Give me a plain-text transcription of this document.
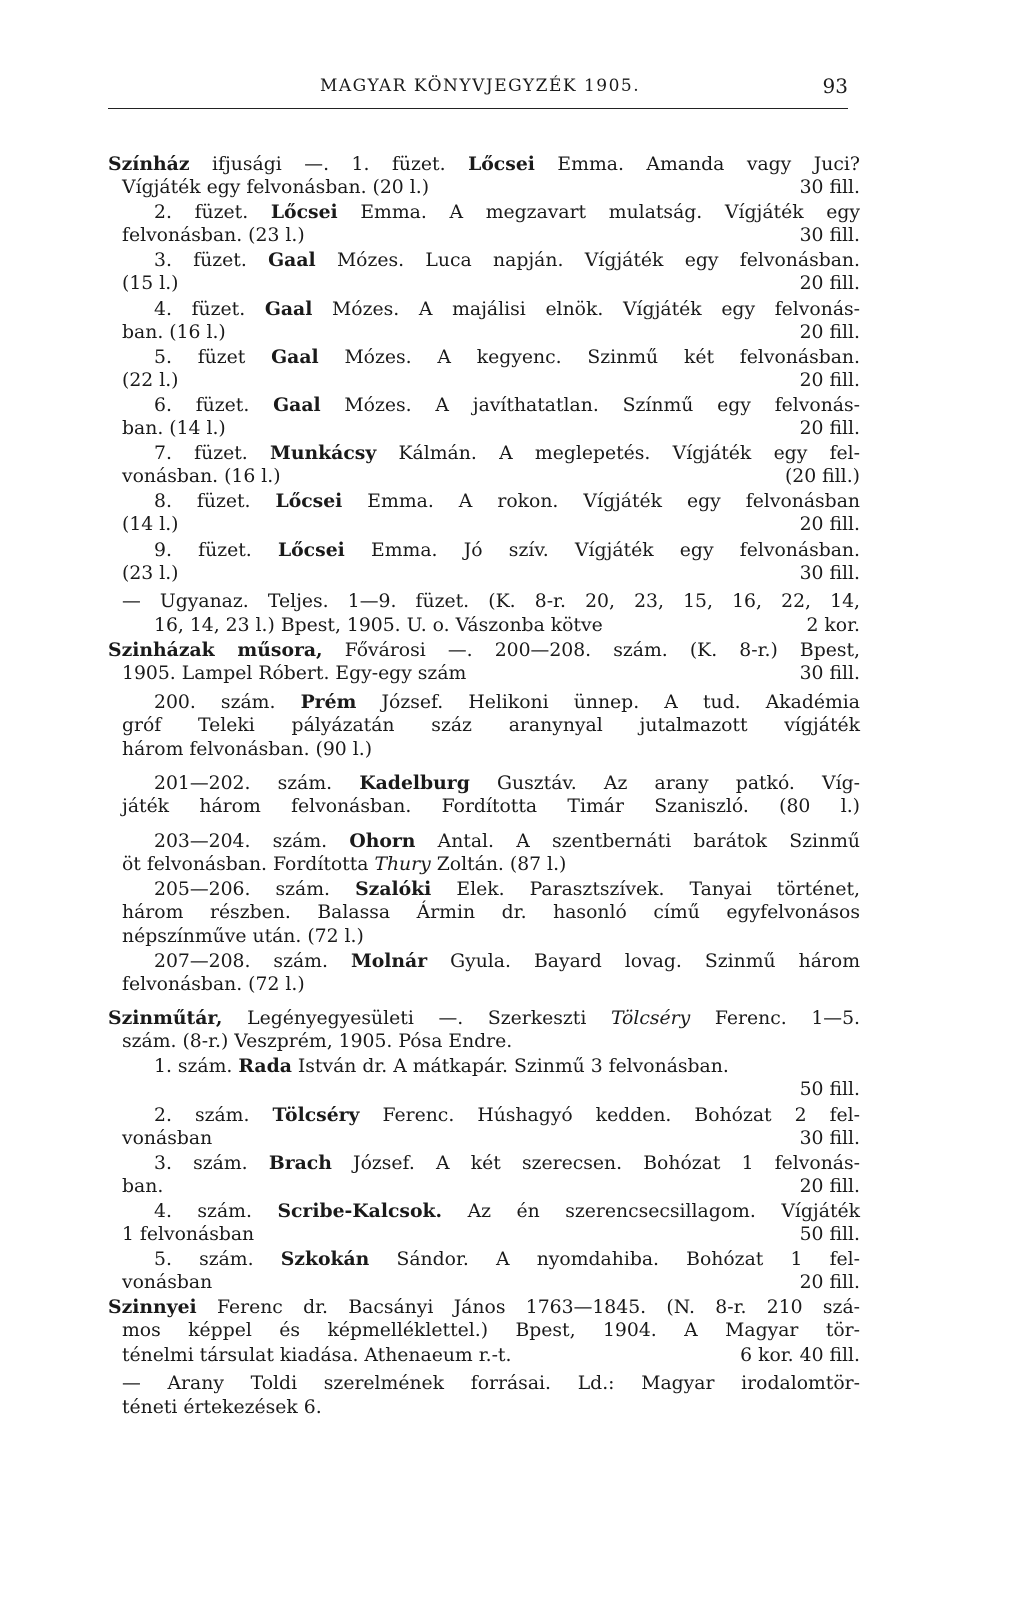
MAGYAR KÖNYVJEGYZÉK 1905.	93
Színház ifjusági —. 1. füzet. Lőcsei Emma. Amanda vagy Juci?
Vígjáték egy felvonásban. (20 l.)	30 fill.
2. füzet. Lőcsei Emma. A megzavart mulatság. Vígjáték egy
felvonásban. (23 l.)	30 fill.
3. füzet. Gaal Mózes. Luca napján. Vígjáték egy felvonásban.
(15 l.)	20 fill.
4. füzet. Gaal Mózes. A majálisi elnök. Vígjáték egy felvonás-
ban. (16 l.)	20 fill.
5. füzet Gaal Mózes. A kegyenc. Szinmű két felvonásban.
(22 l.)	20 fill.
6. füzet. Gaal Mózes. A javíthatatlan. Színmű egy felvonás-
ban. (14 l.)	20 fill.
7. füzet. Munkácsy Kálmán. A meglepetés. Vígjáték egy fel-
vonásban. (16 l.)	(20 fill.)
8. füzet. Lőcsei Emma. A rokon. Vígjáték egy felvonásban
(14 l.)	20 fill.
9. füzet. Lőcsei Emma. Jó szív. Vígjáték egy felvonásban.
(23 l.)	30 fill.
— Ugyanaz. Teljes. 1—9. füzet. (K. 8-r. 20, 23, 15, 16, 22, 14,
16, 14, 23 l.) Bpest, 1905. U. o. Vászonba kötve	2 kor.
Szinházak műsora, Fővárosi —. 200—208. szám. (K. 8-r.) Bpest,
1905. Lampel Róbert. Egy-egy szám	30 fill.
200. szám. Prém József. Helikoni ünnep. A tud. Akadémia
gróf Teleki pályázatán száz aranynyal jutalmazott vígjáték
három felvonásban. (90 l.)
201—202. szám. Kadelburg Gusztáv. Az arany patkó. Víg-
játék három felvonásban. Fordította Timár Szaniszló. (80 l.)
203—204. szám. Ohorn Antal. A szentbernáti barátok Szinmű
öt felvonásban. Fordította Thury Zoltán. (87 l.)
205—206. szám. Szalóki Elek. Parasztszívek. Tanyai történet,
három részben. Balassa Ármin dr. hasonló című egyfelvonásos
népszínműve után. (72 l.)
207—208. szám. Molnár Gyula. Bayard lovag. Szinmű három
felvonásban. (72 l.)
Szinműtár, Legényegyesületi —. Szerkeszti Tölcséry Ferenc. 1—5.
szám. (8-r.) Veszprém, 1905. Pósa Endre.
1. szám. Rada István dr. A mátkapár. Szinmű 3 felvonásban.
50 fill.
2. szám. Tölcséry Ferenc. Húshagyó kedden. Bohózat 2 fel-
vonásban	30 fill.
3. szám. Brach József. A két szerecsen. Bohózat 1 felvonás-
ban.	20 fill.
4. szám. Scribe-Kalcsok. Az én szerencsecsillagom. Vígjáték
1 felvonásban	50 fill.
5. szám. Szkokán Sándor. A nyomdahiba. Bohózat 1 fel-
vonásban	20 fill.
Szinnyei Ferenc dr. Bacsányi János 1763—1845. (N. 8-r. 210 szá-
mos képpel és képmelléklettel.) Bpest, 1904. A Magyar tör-
ténelmi társulat kiadása. Athenaeum r.-t.	6 kor. 40 fill.
— Arany Toldi szerelmének forrásai. Ld.: Magyar irodalomtör-
téneti értekezések 6.
